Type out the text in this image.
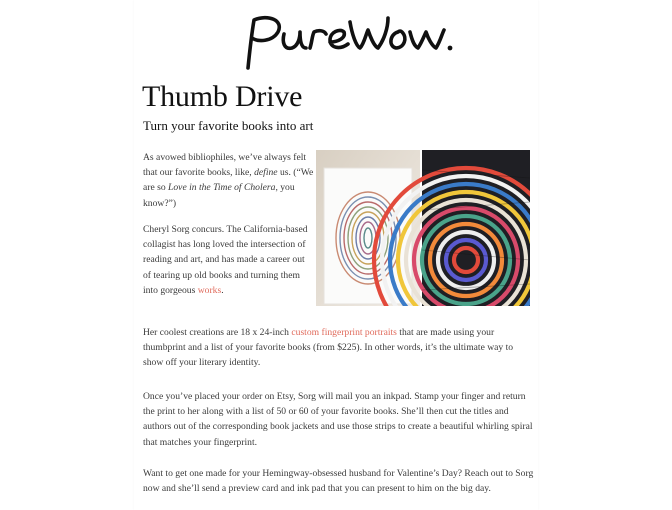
PureWow.
Thumb Drive

Turn your favorite books into art

As avowed bibliophiles, we’ve always felt that our favorite books, like, define us. (“We are so Love in the Time of Cholera, you know?”)

Cheryl Sorg concurs. The California-based collagist has long loved the intersection of reading and art, and has made a career out of tearing up old books and turning them into gorgeous works.

Her coolest creations are 18 x 24-inch custom fingerprint portraits that are made using your thumbprint and a list of your favorite books (from $225). In other words, it’s the ultimate way to show off your literary identity.

Once you’ve placed your order on Etsy, Sorg will mail you an inkpad. Stamp your finger and return the print to her along with a list of 50 or 60 of your favorite books. She’ll then cut the titles and authors out of the corresponding book jackets and use those strips to create a beautiful whirling spiral that matches your fingerprint.

Want to get one made for your Hemingway-obsessed husband for Valentine’s Day? Reach out to Sorg now and she’ll send a preview card and ink pad that you can present to him on the big day.
